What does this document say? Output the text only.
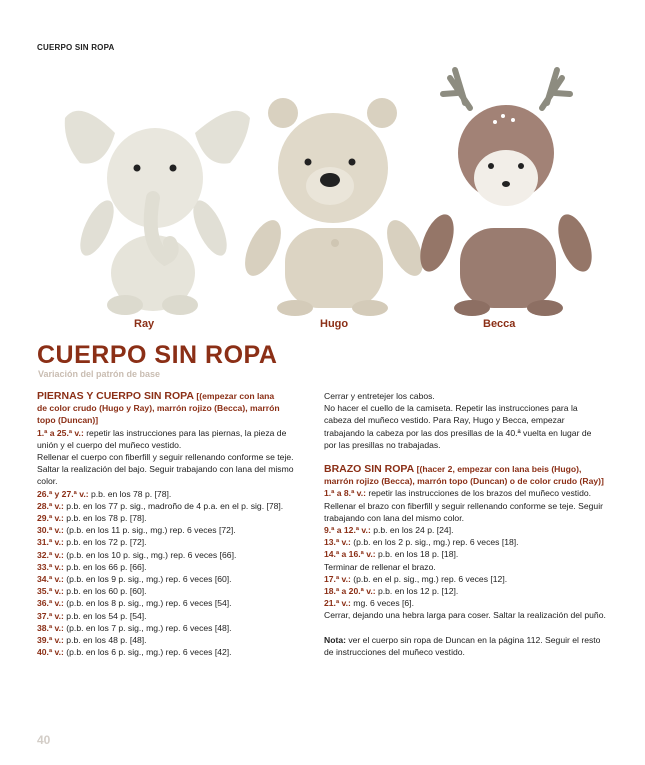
CUERPO SIN ROPA
Ray	Hugo	Becca
CUERPO SIN ROPA
Variación del patrón de base
PIERNAS Y CUERPO SIN ROPA [(empezar con lana
de color crudo (Hugo y Ray), marrón rojizo (Becca), marrón
topo (Duncan)]
1.ª a 25.ª v.: repetir las instrucciones para las piernas, la pieza de unión y el cuerpo del muñeco vestido.
Rellenar el cuerpo con fiberfill y seguir rellenando conforme se teje. Saltar la realización del bajo. Seguir trabajando con lana del mismo color.
26.ª y 27.ª v.: p.b. en los 78 p. [78].
28.ª v.: p.b. en los 77 p. sig., madroño de 4 p.a. en el p. sig. [78].
29.ª v.: p.b. en los 78 p. [78].
30.ª v.: (p.b. en los 11 p. sig., mg.) rep. 6 veces [72].
31.ª v.: p.b. en los 72 p. [72].
32.ª v.: (p.b. en los 10 p. sig., mg.) rep. 6 veces [66].
33.ª v.: p.b. en los 66 p. [66].
34.ª v.: (p.b. en los 9 p. sig., mg.) rep. 6 veces [60].
35.ª v.: p.b. en los 60 p. [60].
36.ª v.: (p.b. en los 8 p. sig., mg.) rep. 6 veces [54].
37.ª v.: p.b. en los 54 p. [54].
38.ª v.: (p.b. en los 7 p. sig., mg.) rep. 6 veces [48].
39.ª v.: p.b. en los 48 p. [48].
40.ª v.: (p.b. en los 6 p. sig., mg.) rep. 6 veces [42].
Cerrar y entretejer los cabos.
No hacer el cuello de la camiseta. Repetir las instrucciones para la cabeza del muñeco vestido. Para Ray, Hugo y Becca, empezar trabajando la cabeza por las dos presillas de la 40.ª vuelta en lugar de por las presillas no trabajadas.
BRAZO SIN ROPA [(hacer 2, empezar con lana beis (Hugo),
marrón rojizo (Becca), marrón topo (Duncan) o de color crudo (Ray)]
1.ª a 8.ª v.: repetir las instrucciones de los brazos del muñeco vestido. Rellenar el brazo con fiberfill y seguir rellenando conforme se teje. Seguir trabajando con lana del mismo color.
9.ª a 12.ª v.: p.b. en los 24 p. [24].
13.ª v.: (p.b. en los 2 p. sig., mg.) rep. 6 veces [18].
14.ª a 16.ª v.: p.b. en los 18 p. [18].
Terminar de rellenar el brazo.
17.ª v.: (p.b. en el p. sig., mg.) rep. 6 veces [12].
18.ª a 20.ª v.: p.b. en los 12 p. [12].
21.ª v.: mg. 6 veces [6].
Cerrar, dejando una hebra larga para coser. Saltar la realización del puño.
Nota: ver el cuerpo sin ropa de Duncan en la página 112. Seguir el resto de instrucciones del muñeco vestido.
40
